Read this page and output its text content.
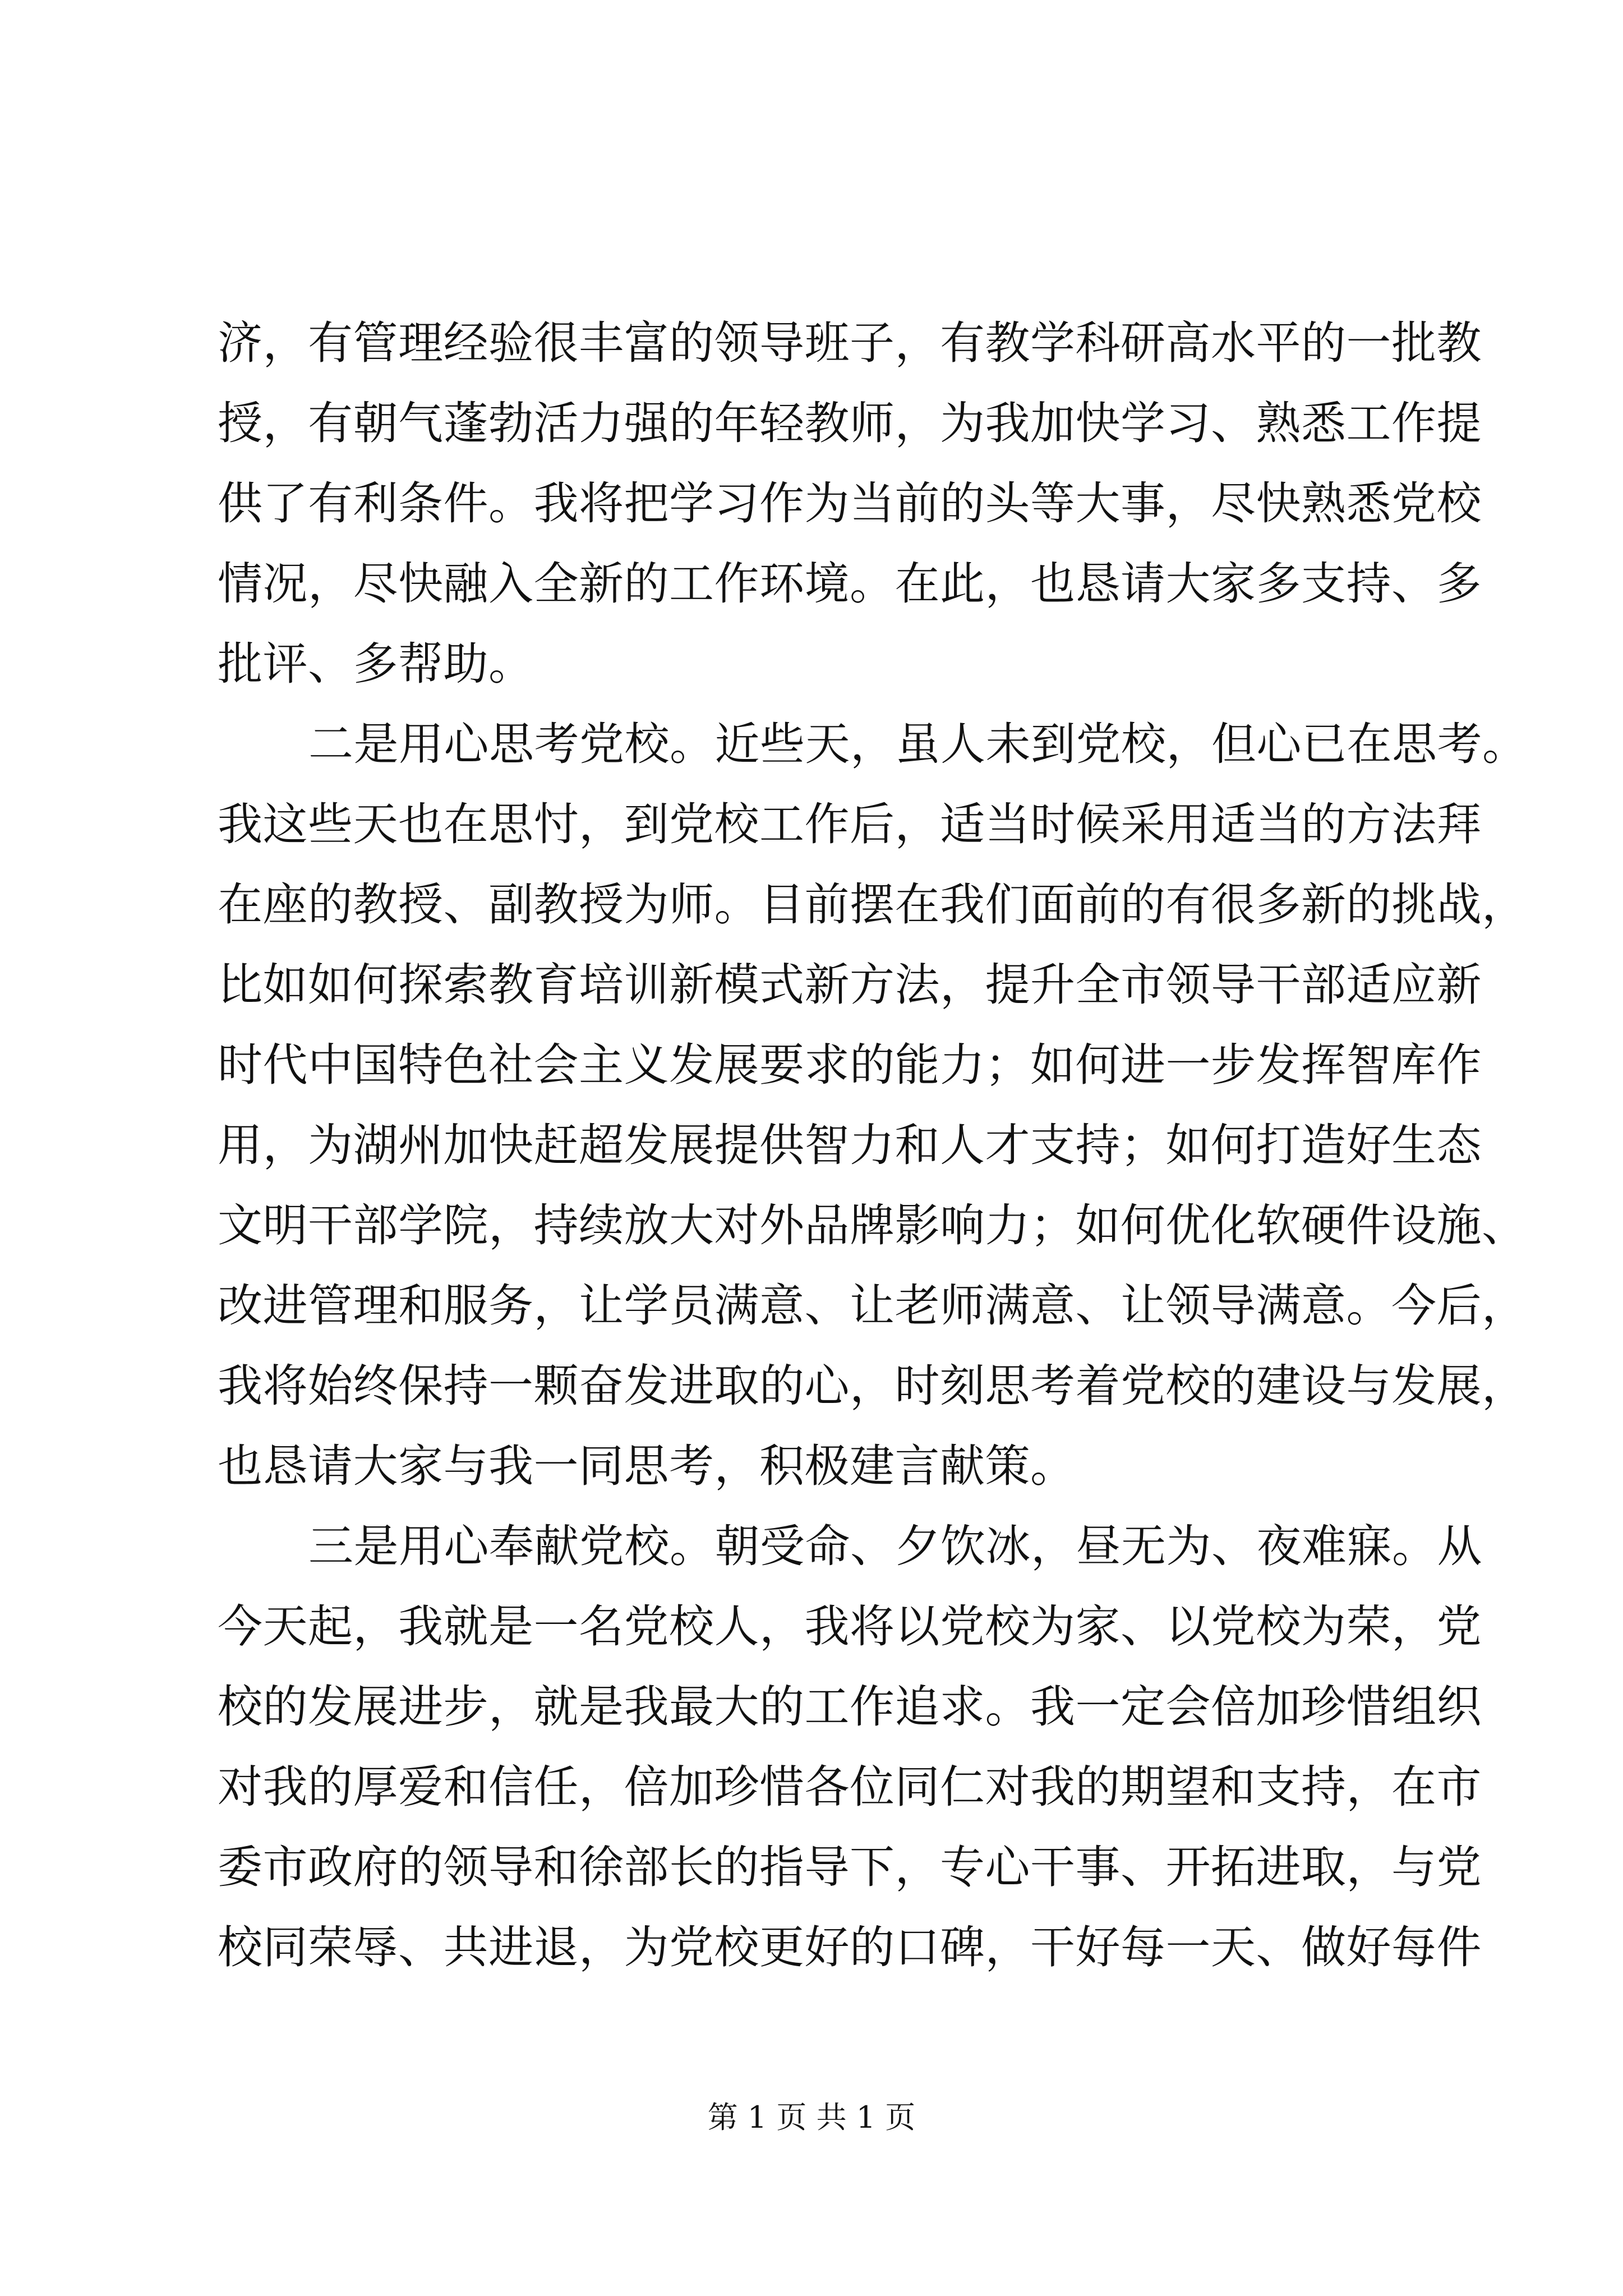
济，有管理经验很丰富的领导班子，有教学科研高水平的一批教
授，有朝气蓬勃活力强的年轻教师，为我加快学习、熟悉工作提
供了有利条件。我将把学习作为当前的头等大事，尽快熟悉党校
情况，尽快融入全新的工作环境。在此，也恳请大家多支持、多
批评、多帮助。
二是用心思考党校。近些天，虽人未到党校，但心已在思考。
我这些天也在思忖，到党校工作后，适当时候采用适当的方法拜
在座的教授、副教授为师。目前摆在我们面前的有很多新的挑战，
比如如何探索教育培训新模式新方法，提升全市领导干部适应新
时代中国特色社会主义发展要求的能力；如何进一步发挥智库作
用，为湖州加快赶超发展提供智力和人才支持；如何打造好生态
文明干部学院，持续放大对外品牌影响力；如何优化软硬件设施、
改进管理和服务，让学员满意、让老师满意、让领导满意。今后，
我将始终保持一颗奋发进取的心，时刻思考着党校的建设与发展，
也恳请大家与我一同思考，积极建言献策。
三是用心奉献党校。朝受命、夕饮冰，昼无为、夜难寐。从
今天起，我就是一名党校人，我将以党校为家、以党校为荣，党
校的发展进步，就是我最大的工作追求。我一定会倍加珍惜组织
对我的厚爱和信任，倍加珍惜各位同仁对我的期望和支持，在市
委市政府的领导和徐部长的指导下，专心干事、开拓进取，与党
校同荣辱、共进退，为党校更好的口碑，干好每一天、做好每件
第 1 页 共 1 页
